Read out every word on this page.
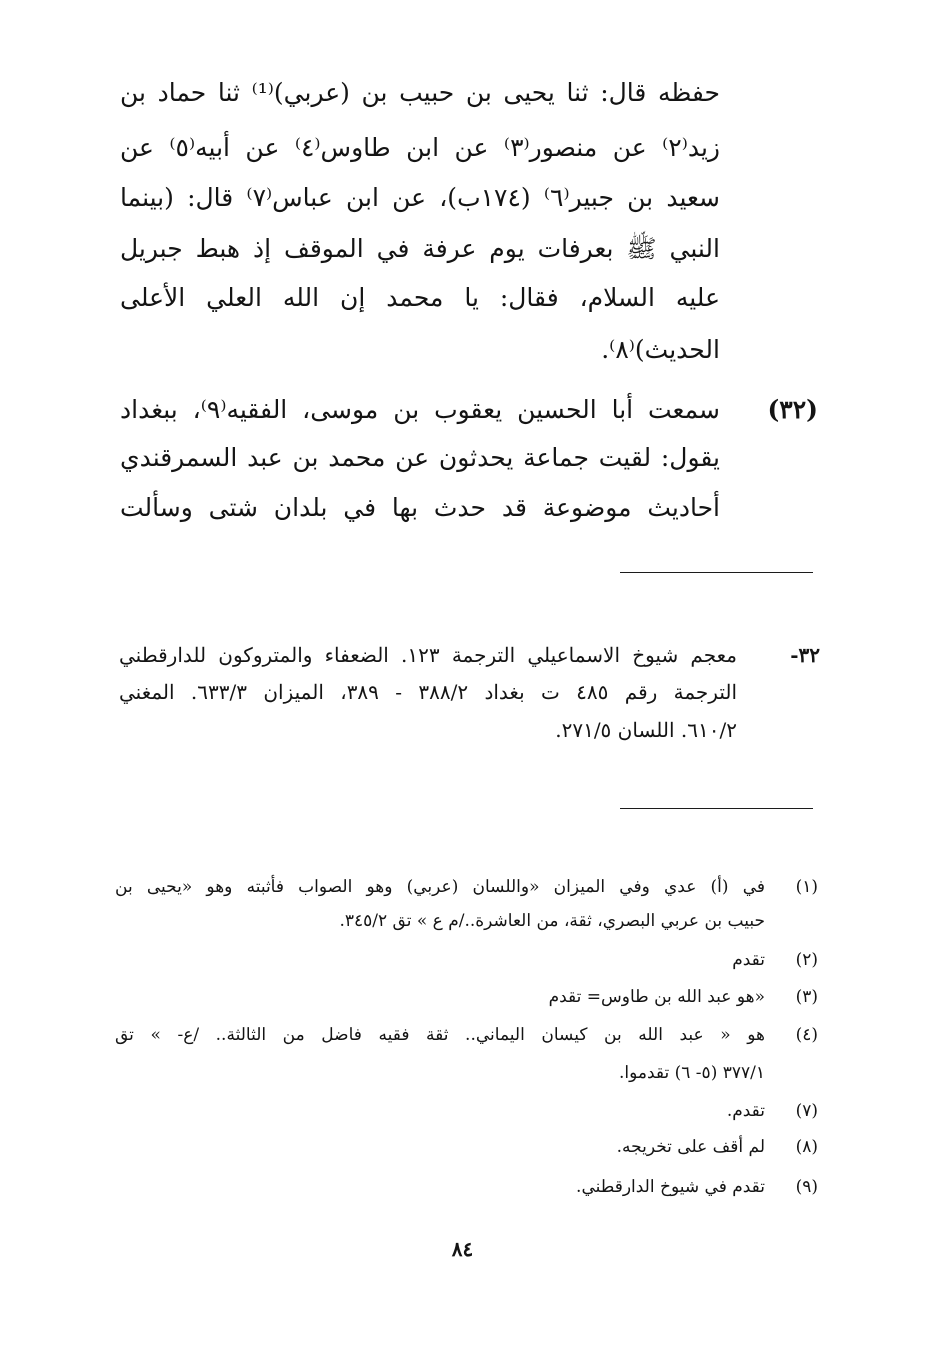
حفظه قال: ثنا يحيى بن حبيب بن (عربي)⁽¹⁾ ثنا حماد بن
زيد⁽٢⁾ عن منصور⁽٣⁾ عن ابن طاوس⁽٤⁾ عن أبيه⁽٥⁾ عن
سعيد بن جبير⁽٦⁾ (١٧٤ب)، عن ابن عباس⁽٧⁾ قال: (بينما
النبي ﷺ بعرفات يوم عرفة في الموقف إذ هبط جبريل
عليه السلام، فقال: يا محمد إن الله العلي الأعلى
الحديث)⁽٨⁾.
(٣٢)
سمعت أبا الحسين يعقوب بن موسى، الفقيه⁽٩⁾، ببغداد
يقول: لقيت جماعة يحدثون عن محمد بن عبد السمرقندي
أحاديث موضوعة قد حدث بها في بلدان شتى وسألت
٣٢-
معجم شيوخ الاسماعيلي الترجمة ١٢٣. الضعفاء والمتروكون للدارقطني
الترجمة رقم ٤٨٥ ت بغداد ٣٨٨/٢ - ٣٨٩، الميزان ٦٣٣/٣. المغني
٦١٠/٢. اللسان ٢٧١/٥.
(١)
في (أ) عدي وفي الميزان «واللسان (عربي) وهو الصواب فأثبته وهو «يحيى بن
حبيب بن عربي البصري، ثقة، من العاشرة../م ع » تق ٣٤٥/٢.
(٢)
تقدم
(٣)
«هو عبد الله بن طاوس= تقدم
(٤)
هو « عبد الله بن كيسان اليماني.. ثقة فقيه فاضل من الثالثة.. /ع- » تق
٣٧٧/١ (٥- ٦) تقدموا.
(٧)
تقدم.
(٨)
لم أقف على تخريجه.
(٩)
تقدم في شيوخ الدارقطني.
٨٤
